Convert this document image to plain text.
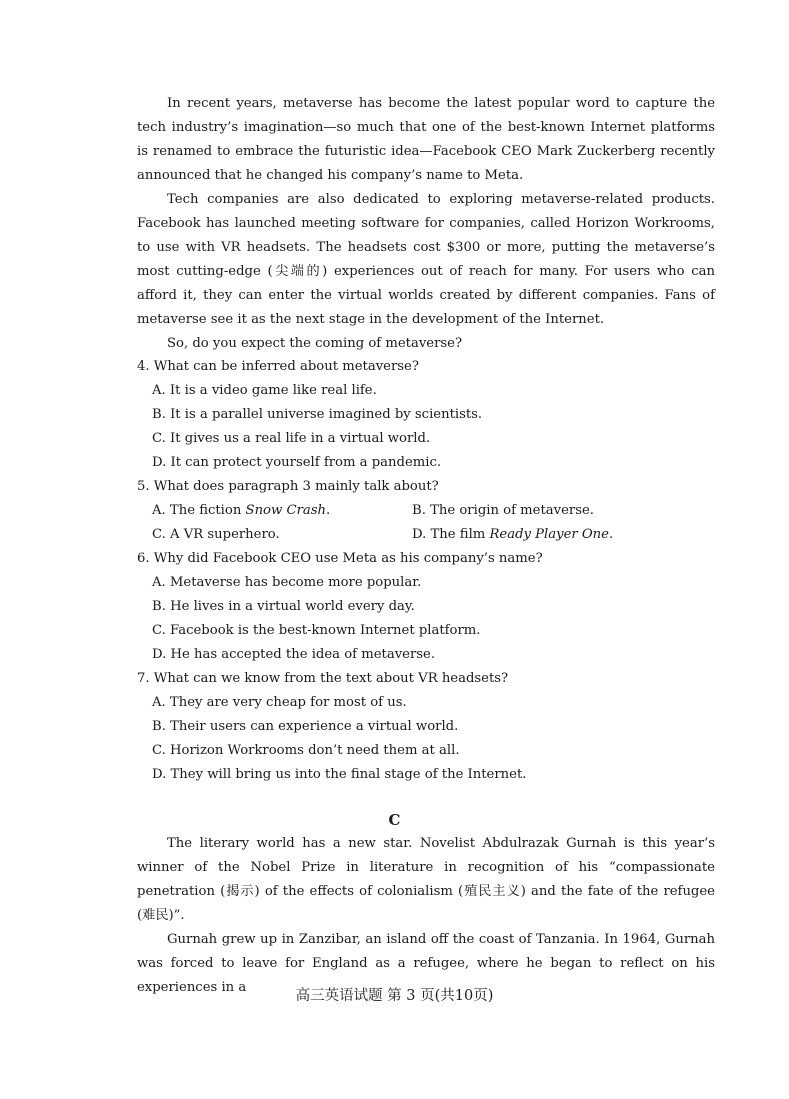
In recent years, metaverse has become the latest popular word to capture the tech industry’s imagination—so much that one of the best-known Internet platforms is renamed to embrace the futuristic idea—Facebook CEO Mark Zuckerberg recently announced that he changed his company’s name to Meta.

Tech companies are also dedicated to exploring metaverse-related products. Facebook has launched meeting software for companies, called Horizon Workrooms, to use with VR headsets. The headsets cost $300 or more, putting the metaverse’s most cutting-edge (尖端的) experiences out of reach for many. For users who can afford it, they can enter the virtual worlds created by different companies. Fans of metaverse see it as the next stage in the development of the Internet.

So, do you expect the coming of metaverse?

4. What can be inferred about metaverse?
A. It is a video game like real life.
B. It is a parallel universe imagined by scientists.
C. It gives us a real life in a virtual world.
D. It can protect yourself from a pandemic.
5. What does paragraph 3 mainly talk about?
A. The fiction Snow Crash.	B. The origin of metaverse.
C. A VR superhero.	D. The film Ready Player One.
6. Why did Facebook CEO use Meta as his company’s name?
A. Metaverse has become more popular.
B. He lives in a virtual world every day.
C. Facebook is the best-known Internet platform.
D. He has accepted the idea of metaverse.
7. What can we know from the text about VR headsets?
A. They are very cheap for most of us.
B. Their users can experience a virtual world.
C. Horizon Workrooms don’t need them at all.
D. They will bring us into the final stage of the Internet.
C

The literary world has a new star. Novelist Abdulrazak Gurnah is this year’s winner of the Nobel Prize in literature in recognition of his “compassionate penetration (揭示) of the effects of colonialism (殖民主义) and the fate of the refugee (难民)”.

Gurnah grew up in Zanzibar, an island off the coast of Tanzania. In 1964, Gurnah was forced to leave for England as a refugee, where he began to reflect on his experiences in a

高三英语试题 第 3 页(共10页)
